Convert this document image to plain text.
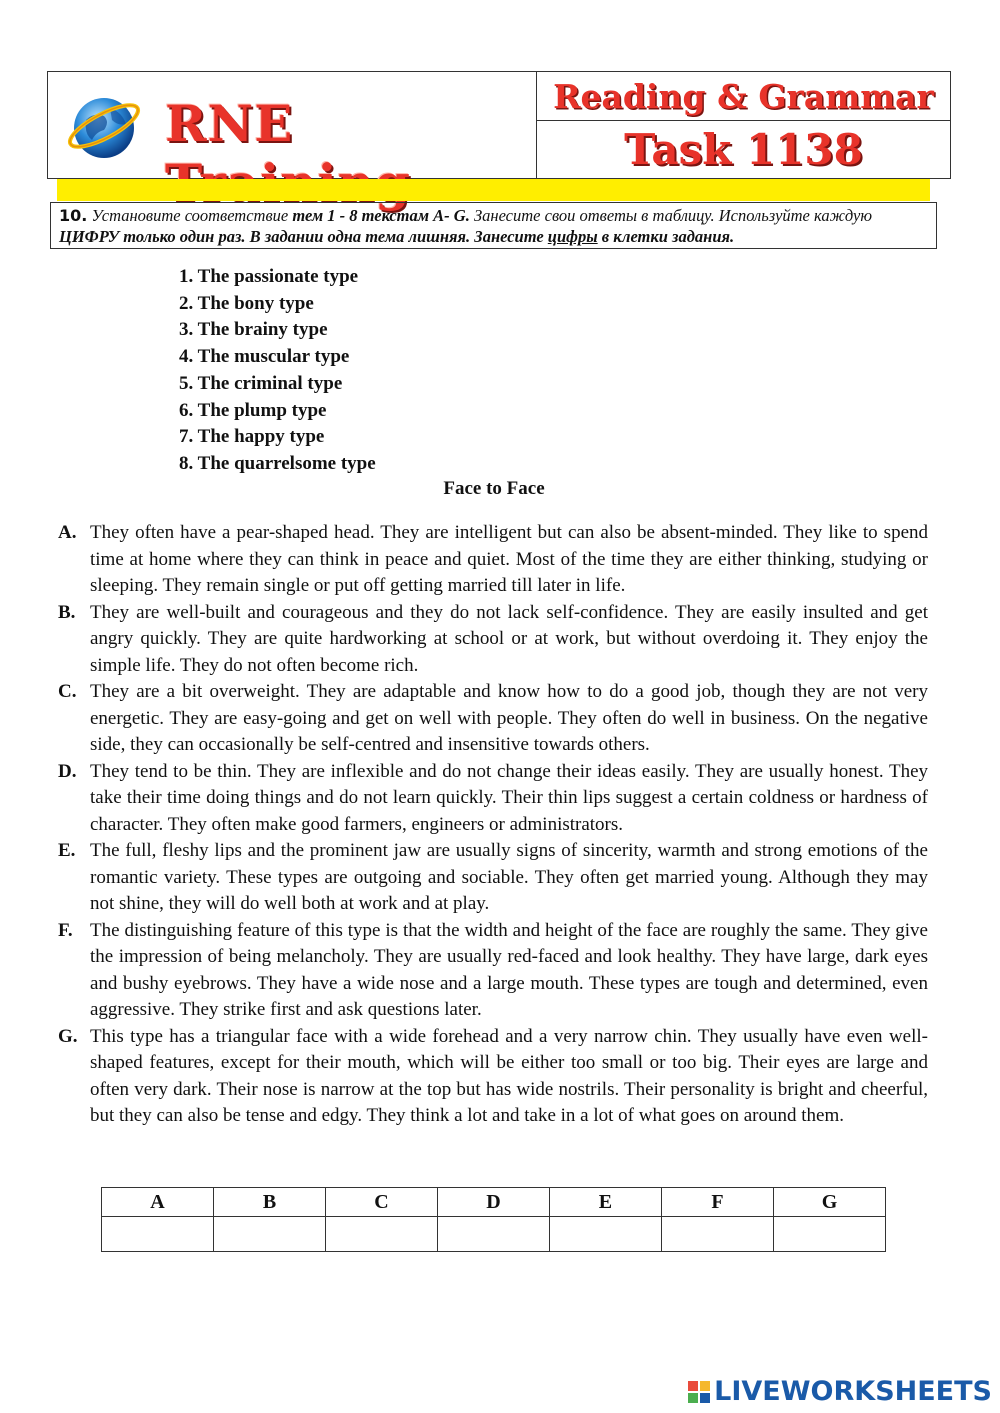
RNE	Reading & Grammar
Task 1138
10. Установите соответствие тем 1 - 8 текстам A- G. Занесите свои ответы в таблицу. Используйте каждую ЦИФРУ только один раз. В задании одна тема лишняя. Занесите цифры в клетки задания.
1. The passionate type
2. The bony type
3. The brainy type
4. The muscular type
5. The criminal type
6. The plump type
7. The happy type
8. The quarrelsome type
Face to Face
A. They often have a pear-shaped head. They are intelligent but can also be absent-minded. They like to spend time at home where they can think in peace and quiet. Most of the time they are either thinking, studying or sleeping. They remain single or put off getting married till later in life.
B. They are well-built and courageous and they do not lack self-confidence. They are easily insulted and get angry quickly. They are quite hardworking at school or at work, but without overdoing it. They enjoy the simple life. They do not often become rich.
C. They are a bit overweight. They are adaptable and know how to do a good job, though they are not very energetic. They are easy-going and get on well with people. They often do well in business. On the negative side, they can occasionally be self-centred and insensitive towards others.
D. They tend to be thin. They are inflexible and do not change their ideas easily. They are usually honest. They take their time doing things and do not learn quickly. Their thin lips suggest a certain coldness or hardness of character. They often make good farmers, engineers or administrators.
E. The full, fleshy lips and the prominent jaw are usually signs of sincerity, warmth and strong emotions of the romantic variety. These types are outgoing and sociable. They often get married young. Although they may not shine, they will do well both at work and at play.
F. The distinguishing feature of this type is that the width and height of the face are roughly the same. They give the impression of being melancholy. They are usually red-faced and look healthy. They have large, dark eyes and bushy eyebrows. They have a wide nose and a large mouth. These types are tough and determined, even aggressive. They strike first and ask questions later.
G. This type has a triangular face with a wide forehead and a very narrow chin. They usually have even well-shaped features, except for their mouth, which will be either too small or too big. Their eyes are large and often very dark. Their nose is narrow at the top but has wide nostrils. Their personality is bright and cheerful, but they can also be tense and edgy. They think a lot and take in a lot of what goes on around them.
A	B	C	D	E	F	G

LIVEWORKSHEETS
